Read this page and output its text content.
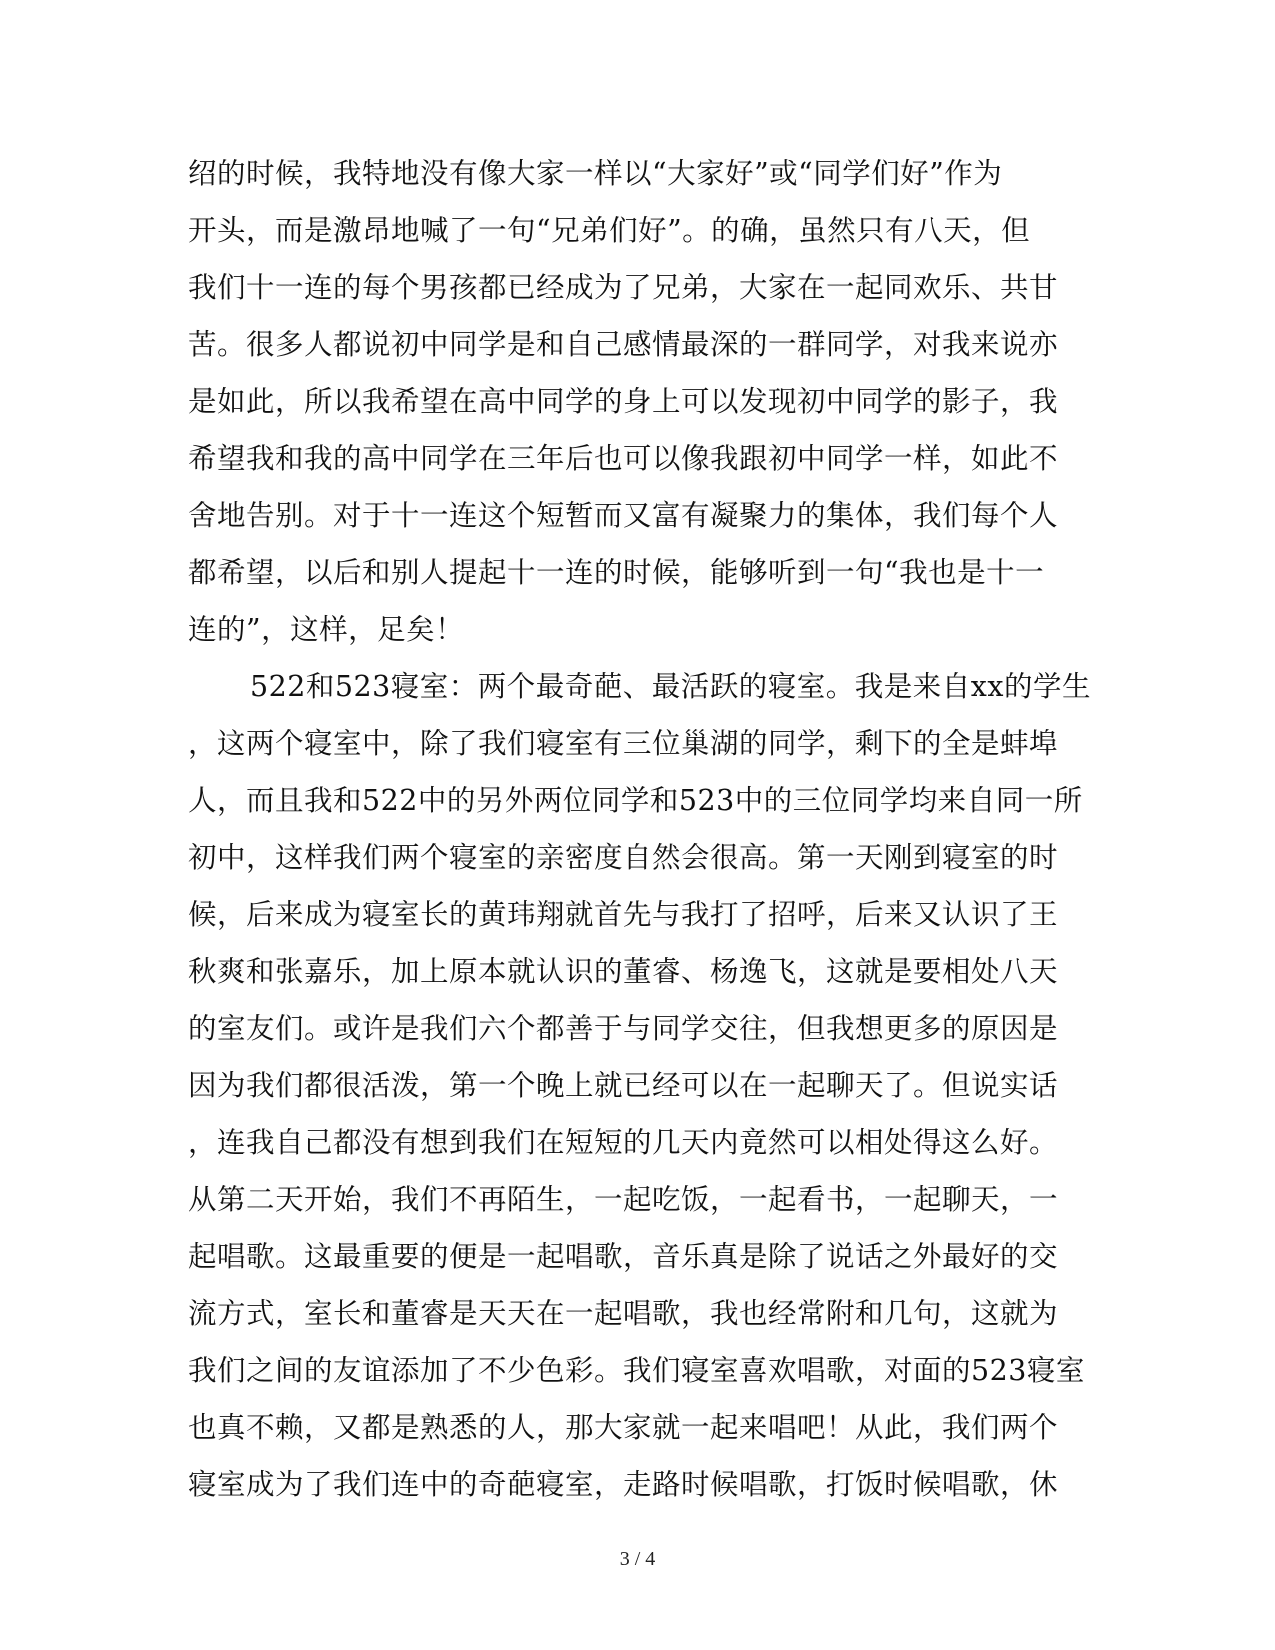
绍的时候，我特地没有像大家一样以“大家好”或“同学们好”作为
开头，而是激昂地喊了一句“兄弟们好”。的确，虽然只有八天，但
我们十一连的每个男孩都已经成为了兄弟，大家在一起同欢乐、共甘
苦。很多人都说初中同学是和自己感情最深的一群同学，对我来说亦
是如此，所以我希望在高中同学的身上可以发现初中同学的影子，我
希望我和我的高中同学在三年后也可以像我跟初中同学一样，如此不
舍地告别。对于十一连这个短暂而又富有凝聚力的集体，我们每个人
都希望，以后和别人提起十一连的时候，能够听到一句“我也是十一
连的”，这样，足矣！
522和523寝室：两个最奇葩、最活跃的寝室。我是来自xx的学生
，这两个寝室中，除了我们寝室有三位巢湖的同学，剩下的全是蚌埠
人，而且我和522中的另外两位同学和523中的三位同学均来自同一所
初中，这样我们两个寝室的亲密度自然会很高。第一天刚到寝室的时
候，后来成为寝室长的黄玮翔就首先与我打了招呼，后来又认识了王
秋爽和张嘉乐，加上原本就认识的董睿、杨逸飞，这就是要相处八天
的室友们。或许是我们六个都善于与同学交往，但我想更多的原因是
因为我们都很活泼，第一个晚上就已经可以在一起聊天了。但说实话
，连我自己都没有想到我们在短短的几天内竟然可以相处得这么好。
从第二天开始，我们不再陌生，一起吃饭，一起看书，一起聊天，一
起唱歌。这最重要的便是一起唱歌，音乐真是除了说话之外最好的交
流方式，室长和董睿是天天在一起唱歌，我也经常附和几句，这就为
我们之间的友谊添加了不少色彩。我们寝室喜欢唱歌，对面的523寝室
也真不赖，又都是熟悉的人，那大家就一起来唱吧！从此，我们两个
寝室成为了我们连中的奇葩寝室，走路时候唱歌，打饭时候唱歌，休
3 / 4
